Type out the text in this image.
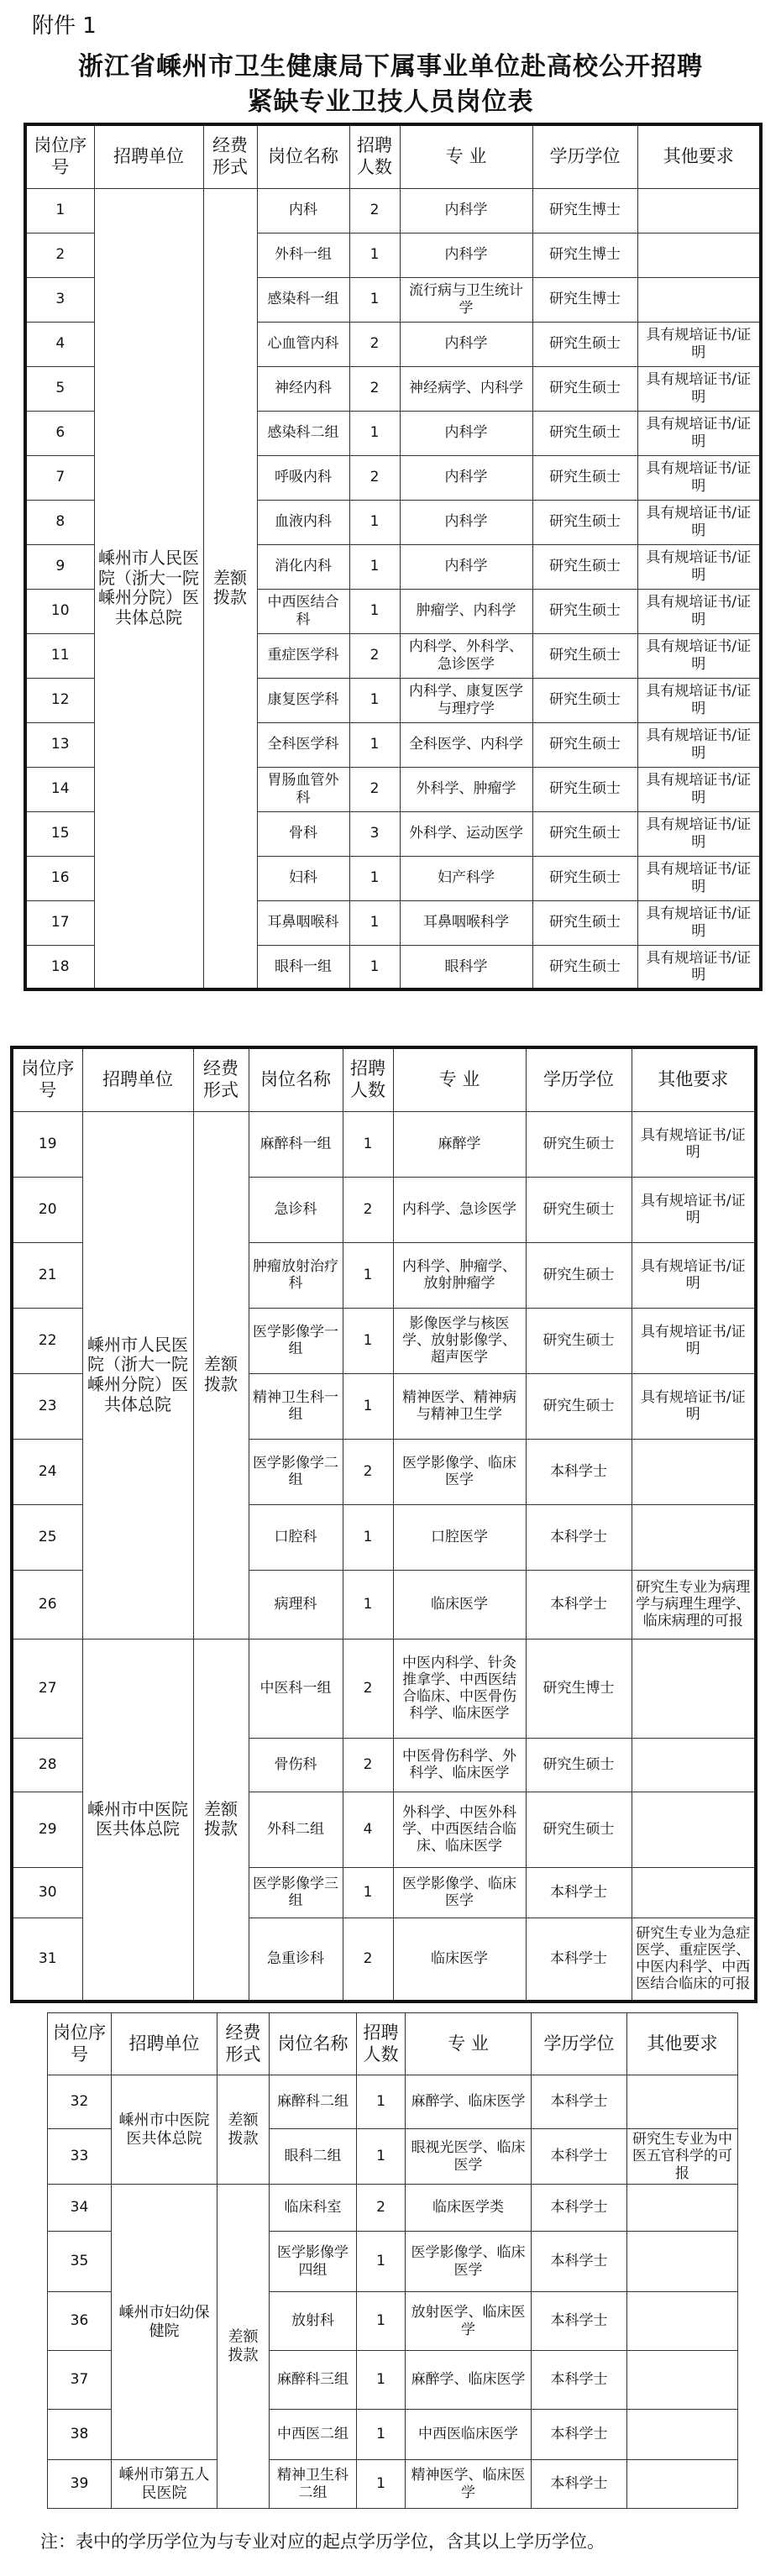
附件 1
浙江省嵊州市卫生健康局下属事业单位赴高校公开招聘
紧缺专业卫技人员岗位表
岗位序号	招聘单位	经费形式	岗位名称	招聘人数	专 业	学历学位	其他要求
1	嵊州市人民医院（浙大一院嵊州分院）医共体总院	差额拨款	内科	2	内科学	研究生博士	
2			外科一组	1	内科学	研究生博士	
3			感染科一组	1	流行病与卫生统计学	研究生博士	
4			心血管内科	2	内科学	研究生硕士	具有规培证书/证明
5			神经内科	2	神经病学、内科学	研究生硕士	具有规培证书/证明
6			感染科二组	1	内科学	研究生硕士	具有规培证书/证明
7			呼吸内科	2	内科学	研究生硕士	具有规培证书/证明
8			血液内科	1	内科学	研究生硕士	具有规培证书/证明
9			消化内科	1	内科学	研究生硕士	具有规培证书/证明
10			中西医结合科	1	肿瘤学、内科学	研究生硕士	具有规培证书/证明
11			重症医学科	2	内科学、外科学、急诊医学	研究生硕士	具有规培证书/证明
12			康复医学科	1	内科学、康复医学与理疗学	研究生硕士	具有规培证书/证明
13			全科医学科	1	全科医学、内科学	研究生硕士	具有规培证书/证明
14			胃肠血管外科	2	外科学、肿瘤学	研究生硕士	具有规培证书/证明
15			骨科	3	外科学、运动医学	研究生硕士	具有规培证书/证明
16			妇科	1	妇产科学	研究生硕士	具有规培证书/证明
17			耳鼻咽喉科	1	耳鼻咽喉科学	研究生硕士	具有规培证书/证明
18			眼科一组	1	眼科学	研究生硕士	具有规培证书/证明
岗位序号	招聘单位	经费形式	岗位名称	招聘人数	专 业	学历学位	其他要求
19	嵊州市人民医院（浙大一院嵊州分院）医共体总院	差额拨款	麻醉科一组	1	麻醉学	研究生硕士	具有规培证书/证明
20			急诊科	2	内科学、急诊医学	研究生硕士	具有规培证书/证明
21			肿瘤放射治疗科	1	内科学、肿瘤学、放射肿瘤学	研究生硕士	具有规培证书/证明
22			医学影像学一组	1	影像医学与核医学、放射影像学、超声医学	研究生硕士	具有规培证书/证明
23			精神卫生科一组	1	精神医学、精神病与精神卫生学	研究生硕士	具有规培证书/证明
24			医学影像学二组	2	医学影像学、临床医学	本科学士	
25			口腔科	1	口腔医学	本科学士	
26			病理科	1	临床医学	本科学士	研究生专业为病理学与病理生理学、临床病理的可报
27	嵊州市中医院医共体总院	差额拨款	中医科一组	2	中医内科学、针灸推拿学、中西医结合临床、中医骨伤科学、临床医学	研究生博士	
28			骨伤科	2	中医骨伤科学、外科学、临床医学	研究生硕士	
29			外科二组	4	外科学、中医外科学、中西医结合临床、临床医学	研究生硕士	
30			医学影像学三组	1	医学影像学、临床医学	本科学士	
31			急重诊科	2	临床医学	本科学士	研究生专业为急症医学、重症医学、中医内科学、中西医结合临床的可报
岗位序号	招聘单位	经费形式	岗位名称	招聘人数	专 业	学历学位	其他要求
32	嵊州市中医院医共体总院	差额拨款	麻醉科二组	1	麻醉学、临床医学	本科学士	
33			眼科二组	1	眼视光医学、临床医学	本科学士	研究生专业为中医五官科学的可报
34	嵊州市妇幼保健院	差额拨款	临床科室	2	临床医学类	本科学士	
35			医学影像学四组	1	医学影像学、临床医学	本科学士	
36			放射科	1	放射医学、临床医学	本科学士	
37			麻醉科三组	1	麻醉学、临床医学	本科学士	
38			中西医二组	1	中西医临床医学	本科学士	
39	嵊州市第五人民医院		精神卫生科二组	1	精神医学、临床医学	本科学士	
注：表中的学历学位为与专业对应的起点学历学位，含其以上学历学位。
